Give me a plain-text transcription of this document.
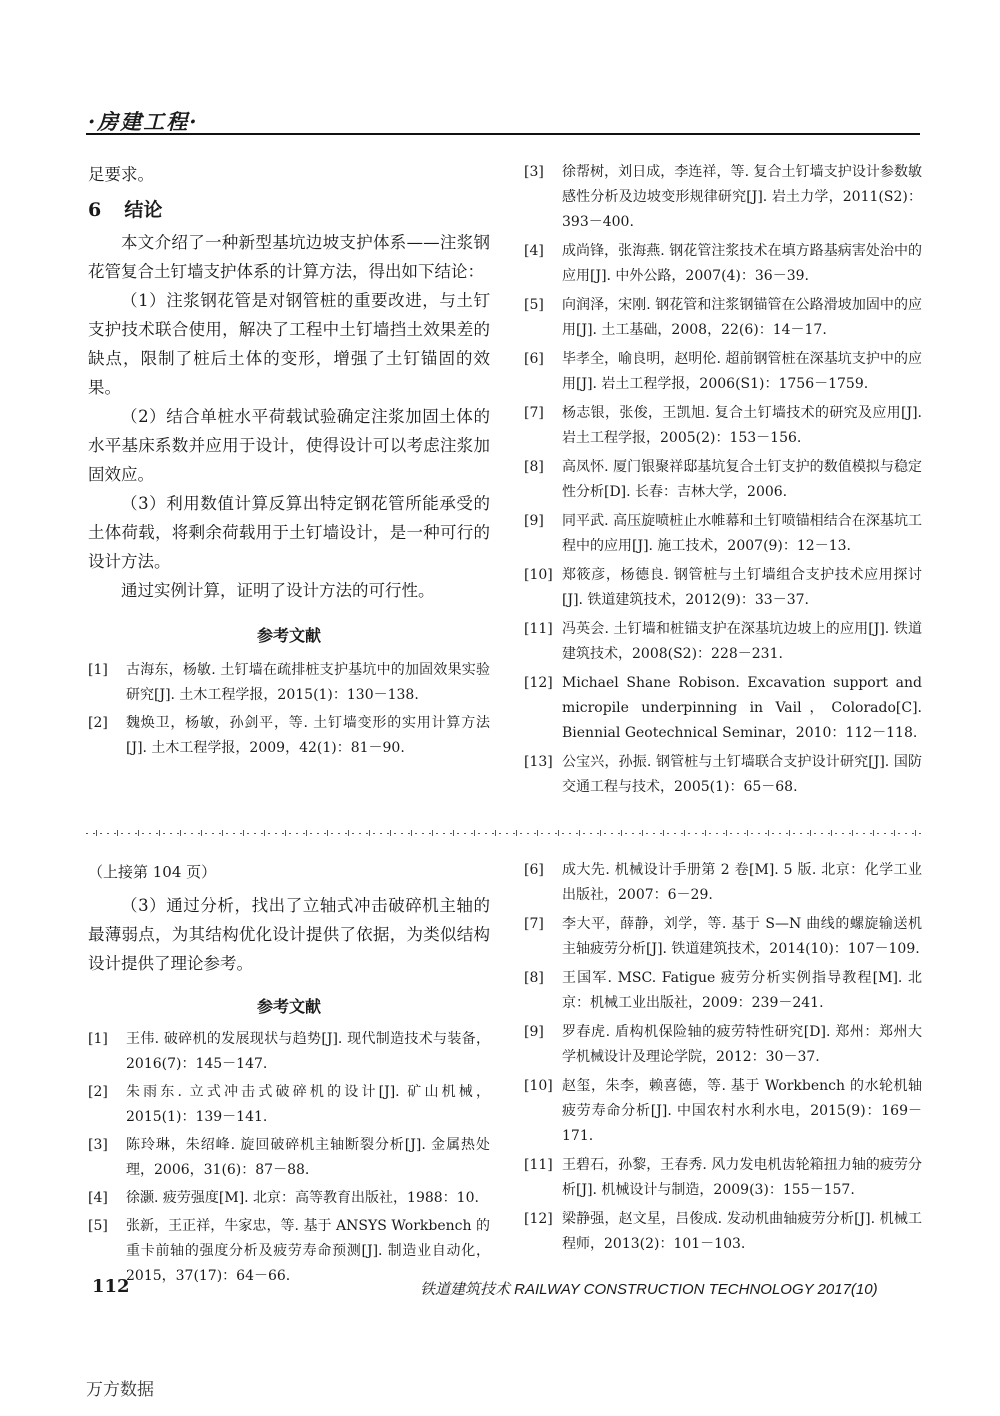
·房建工程·

足要求。

6 结论

本文介绍了一种新型基坑边坡支护体系——注浆钢花管复合土钉墙支护体系的计算方法，得出如下结论：

（1）注浆钢花管是对钢管桩的重要改进，与土钉支护技术联合使用，解决了工程中土钉墙挡土效果差的缺点，限制了桩后土体的变形，增强了土钉锚固的效果。

（2）结合单桩水平荷载试验确定注浆加固土体的水平基床系数并应用于设计，使得设计可以考虑注浆加固效应。

（3）利用数值计算反算出特定钢花管所能承受的土体荷载，将剩余荷载用于土钉墙设计，是一种可行的设计方法。

通过实例计算，证明了设计方法的可行性。

参考文献

[1]	古海东，杨敏. 土钉墙在疏排桩支护基坑中的加固效果实验研究[J]. 土木工程学报，2015(1)：130－138.
[2]	魏焕卫，杨敏，孙剑平，等. 土钉墙变形的实用计算方法[J]. 土木工程学报，2009，42(1)：81－90.
[3]	徐帮树，刘日成，李连祥，等. 复合土钉墙支护设计参数敏感性分析及边坡变形规律研究[J]. 岩土力学，2011(S2)：393－400.
[4]	成尚锋，张海燕. 钢花管注浆技术在填方路基病害处治中的应用[J]. 中外公路，2007(4)：36－39.
[5]	向润泽，宋刚. 钢花管和注浆钢锚管在公路滑坡加固中的应用[J]. 土工基础，2008，22(6)：14－17.
[6]	毕孝全，喻良明，赵明伦. 超前钢管桩在深基坑支护中的应用[J]. 岩土工程学报，2006(S1)：1756－1759.
[7]	杨志银，张俊，王凯旭. 复合土钉墙技术的研究及应用[J]. 岩土工程学报，2005(2)：153－156.
[8]	高凤怀. 厦门银聚祥邸基坑复合土钉支护的数值模拟与稳定性分析[D]. 长春：吉林大学，2006.
[9]	同平武. 高压旋喷桩止水帷幕和土钉喷锚相结合在深基坑工程中的应用[J]. 施工技术，2007(9)：12－13.
[10] 郑筱彦，杨德良. 钢管桩与土钉墙组合支护技术应用探讨[J]. 铁道建筑技术，2012(9)：33－37.
[11] 冯英会. 土钉墙和桩锚支护在深基坑边坡上的应用[J]. 铁道建筑技术，2008(S2)：228－231.
[12] Michael Shane Robison. Excavation support and micropile underpinning in Vail，Colorado[C]. Biennial Geotechnical Seminar，2010：112－118.
[13] 公宝兴，孙振. 钢管桩与土钉墙联合支护设计研究[J]. 国防交通工程与技术，2005(1)：65－68.

（上接第 104 页）

（3）通过分析，找出了立轴式冲击破碎机主轴的最薄弱点，为其结构优化设计提供了依据，为类似结构设计提供了理论参考。

参考文献

[1]	王伟. 破碎机的发展现状与趋势[J]. 现代制造技术与装备，2016(7)：145－147.
[2]	朱雨东. 立式冲击式破碎机的设计[J]. 矿山机械，2015(1)：139－141.
[3]	陈玲琳，朱绍峰. 旋回破碎机主轴断裂分析[J]. 金属热处理，2006，31(6)：87－88.
[4]	徐灏. 疲劳强度[M]. 北京：高等教育出版社，1988：10.
[5]	张新，王正祥，牛家忠，等. 基于 ANSYS Workbench 的重卡前轴的强度分析及疲劳寿命预测[J]. 制造业自动化，2015，37(17)：64－66.
[6]	成大先. 机械设计手册第 2 卷[M]. 5 版. 北京：化学工业出版社，2007：6－29.
[7]	李大平，薛静，刘学，等. 基于 S—N 曲线的螺旋输送机主轴疲劳分析[J]. 铁道建筑技术，2014(10)：107－109.
[8]	王国军. MSC. Fatigue 疲劳分析实例指导教程[M]. 北京：机械工业出版社，2009：239－241.
[9]	罗春虎. 盾构机保险轴的疲劳特性研究[D]. 郑州：郑州大学机械设计及理论学院，2012：30－37.
[10] 赵玺，朱李，赖喜德，等. 基于 Workbench 的水轮机轴疲劳寿命分析[J]. 中国农村水利水电，2015(9)：169－171.
[11] 王碧石，孙黎，王春秀. 风力发电机齿轮箱扭力轴的疲劳分析[J]. 机械设计与制造，2009(3)：155－157.
[12] 梁静强，赵文星，吕俊成. 发动机曲轴疲劳分析[J]. 机械工程师，2013(2)：101－103.
112	铁道建筑技术 RAILWAY CONSTRUCTION TECHNOLOGY 2017(10)
万方数据
